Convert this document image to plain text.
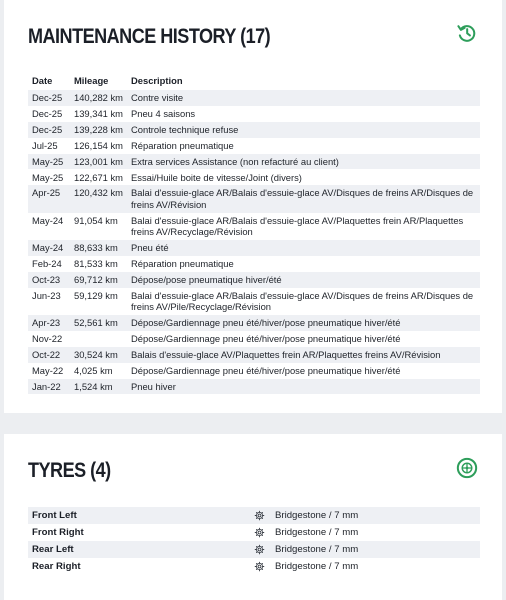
MAINTENANCE HISTORY (17)
Date	Mileage	Description
Dec-25	140,282 km	Contre visite
Dec-25	139,341 km	Pneu 4 saisons
Dec-25	139,228 km	Controle technique refuse
Jul-25	126,154 km	Réparation pneumatique
May-25	123,001 km	Extra services Assistance (non refacturé au client)
May-25	122,671 km	Essai/Huile boite de vitesse/Joint (divers)
Apr-25	120,432 km	Balai d'essuie-glace AR/Balais d'essuie-glace AV/Disques de freins AR/Disques de freins AV/Révision
May-24	91,054 km	Balai d'essuie-glace AR/Balais d'essuie-glace AV/Plaquettes frein AR/Plaquettes freins AV/Recyclage/Révision
May-24	88,633 km	Pneu été
Feb-24	81,533 km	Réparation pneumatique
Oct-23	69,712 km	Dépose/pose pneumatique hiver/été
Jun-23	59,129 km	Balai d'essuie-glace AR/Balais d'essuie-glace AV/Disques de freins AR/Disques de freins AV/Pile/Recyclage/Révision
Apr-23	52,561 km	Dépose/Gardiennage pneu été/hiver/pose pneumatique hiver/été
Nov-22		Dépose/Gardiennage pneu été/hiver/pose pneumatique hiver/été
Oct-22	30,524 km	Balais d'essuie-glace AV/Plaquettes frein AR/Plaquettes freins AV/Révision
May-22	4,025 km	Dépose/Gardiennage pneu été/hiver/pose pneumatique hiver/été
Jan-22	1,524 km	Pneu hiver
TYRES (4)
Front Left	Bridgestone / 7 mm
Front Right	Bridgestone / 7 mm
Rear Left	Bridgestone / 7 mm
Rear Right	Bridgestone / 7 mm
